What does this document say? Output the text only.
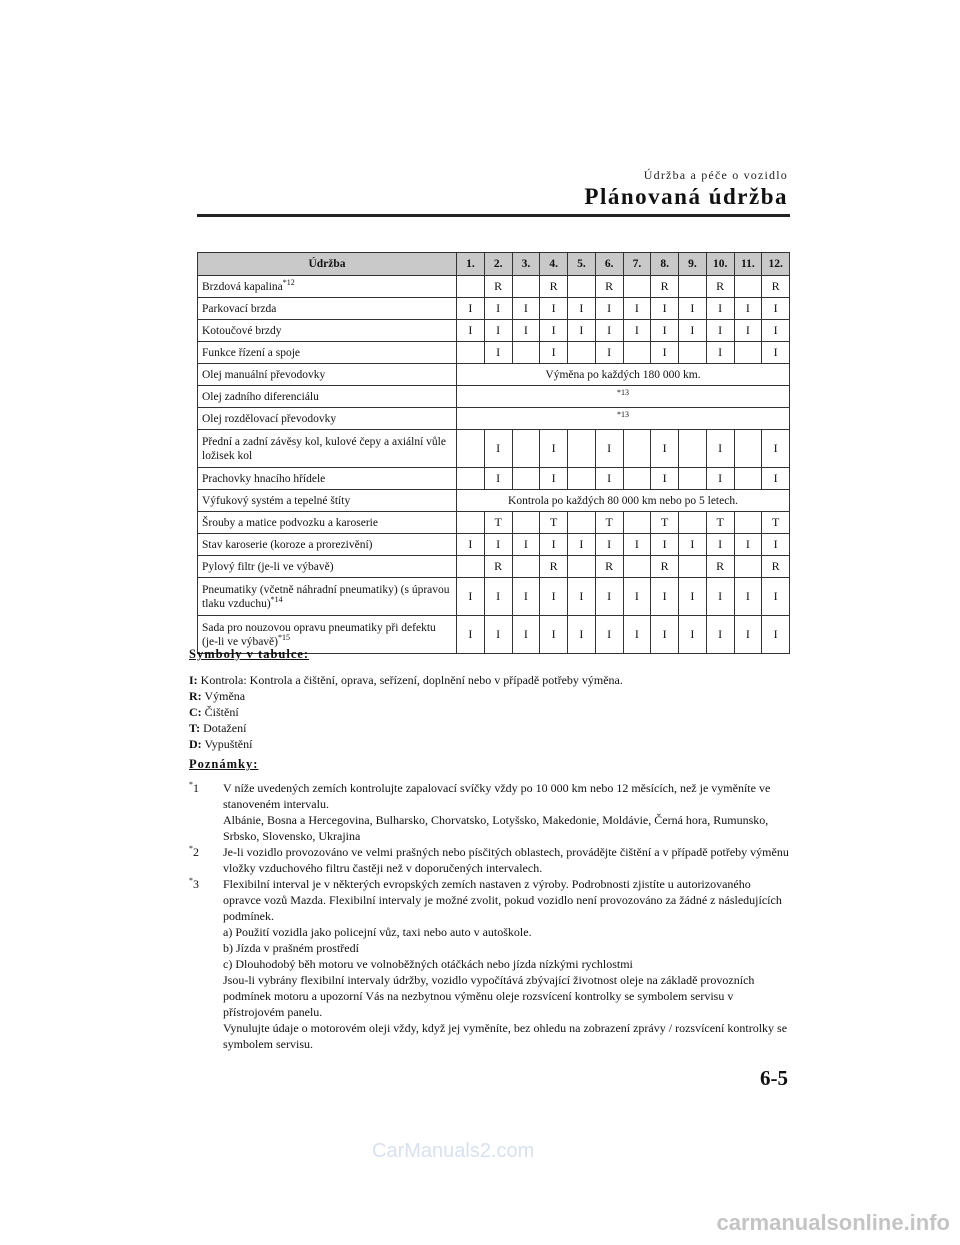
Údržba a péče o vozidlo
Plánovaná údržba
Údržba	1.	2.	3.	4.	5.	6.	7.	8.	9.	10.	11.	12.
Brzdová kapalina$^{*12}$		R		R		R		R		R		R
Parkovací brzda	I	I	I	I	I	I	I	I	I	I	I	I
Kotoučové brzdy	I	I	I	I	I	I	I	I	I	I	I	I
Funkce řízení a spoje		I		I		I		I		I		I
Olej manuální převodovky	Výměna po každých 180 000 km.											
Olej zadního diferenciálu	$^{*13}$
Olej rozdělovací převodovky	$^{*13}$
Přední a zadní závěsy kol, kulové čepy a axiální vůle ložisek kol		I		I		I		I		I		I
Prachovky hnacího hřídele		I		I		I		I		I		I
Výfukový systém a tepelné štíty	Kontrola po každých 80 000 km nebo po 5 letech.											
Šrouby a matice podvozku a karoserie		T		T		T		T		T		T
Stav karoserie (koroze a prorezivění)	I	I	I	I	I	I	I	I	I	I	I	I
Pylový filtr (je-li ve výbavě)		R		R		R		R		R		R
Pneumatiky (včetně náhradní pneumatiky) (s úpravou tlaku vzduchu)$^{*14}$	I	I	I	I	I	I	I	I	I	I	I	I
Sada pro nouzovou opravu pneumatiky při defektu (je-li ve výbavě)$^{*15}$	I	I	I	I	I	I	I	I	I	I	I	I
Symboly v tabulce:
I: Kontrola: Kontrola a čištění, oprava, seřízení, doplnění nebo v případě potřeby výměna.
R: Výměna
C: Čištění
T: Dotažení
D: Vypuštění
Poznámky:
*1 V níže uvedených zemích kontrolujte zapalovací svíčky vždy po 10 000 km nebo 12 měsících, než je vyměníte ve stanoveném intervalu.

Albánie, Bosna a Hercegovina, Bulharsko, Chorvatsko, Lotyšsko, Makedonie, Moldávie, Černá hora, Rumunsko, Srbsko, Slovensko, Ukrajina

*2 Je-li vozidlo provozováno ve velmi prašných nebo písčitých oblastech, provádějte čištění a v případě potřeby výměnu vložky vzduchového filtru častěji než v doporučených intervalech.

*3 Flexibilní interval je v některých evropských zemích nastaven z výroby. Podrobnosti zjistíte u autorizovaného opravce vozů Mazda. Flexibilní intervaly je možné zvolit, pokud vozidlo není provozováno za žádné z následujících podmínek.

a) Použití vozidla jako policejní vůz, taxi nebo auto v autoškole.

b) Jízda v prašném prostředí

c) Dlouhodobý běh motoru ve volnoběžných otáčkách nebo jízda nízkými rychlostmi

Jsou-li vybrány flexibilní intervaly údržby, vozidlo vypočítává zbývající životnost oleje na základě provozních podmínek motoru a upozorní Vás na nezbytnou výměnu oleje rozsvícení kontrolky se symbolem servisu v přístrojovém panelu.

Vynulujte údaje o motorovém oleji vždy, když jej vyměníte, bez ohledu na zobrazení zprávy / rozsvícení kontrolky se symbolem servisu.

6-5
CarManuals2.com
carmanualsonline.info
